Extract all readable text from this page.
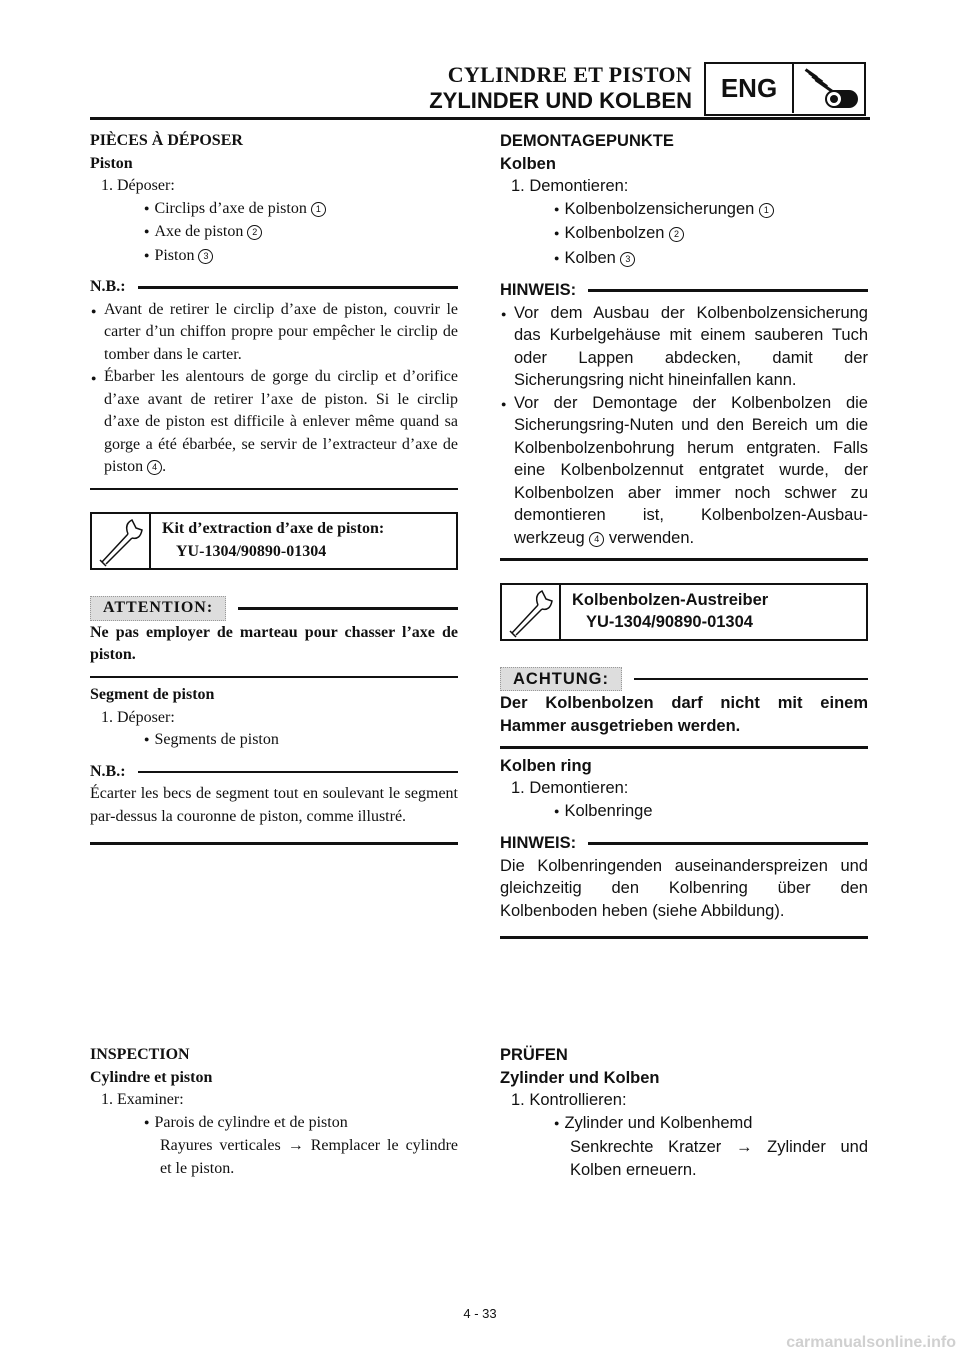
CYLINDRE ET PISTON
ZYLINDER UND KOLBEN	ENG
PIÈCES À DÉPOSER
Piston
1. Déposer:
● Circlips d’axe de piston 1
● Axe de piston 2
● Piston 3
N.B.:
● Avant de retirer le circlip d’axe de piston, couvrir le carter d’un chiffon propre pour empêcher le circlip de tomber dans le carter.
● Ébarber les alentours de gorge du circlip et d’orifice d’axe avant de retirer l’axe de piston. Si le circlip d’axe de piston est difficile à enlever même quand sa gorge a été ébarbée, se servir de l’extracteur d’axe de piston 4 .
Kit d’extraction d’axe de piston:
YU-1304/90890-01304
ATTENTION:
Ne pas employer de marteau pour chasser l’axe de piston.
Segment de piston
1. Déposer:
● Segments de piston
N.B.:
Écarter les becs de segment tout en soulevant le segment par-dessus la couronne de piston, comme illustré.
DEMONTAGEPUNKTE
Kolben
1. Demontieren:
● Kolbenbolzensicherungen 1
● Kolbenbolzen 2
● Kolben 3
HINWEIS:
● Vor dem Ausbau der Kolbenbolzensicherung das Kurbelgehäuse mit einem sauberen Tuch oder Lappen abdecken, damit der Sicherungsring nicht hineinfallen kann.
● Vor der Demontage der Kolbenbolzen die Sicherungsring-Nuten und den Bereich um die Kolbenbolzenbohrung herum entgraten. Falls eine Kolbenbolzennut entgratet wurde, der Kolbenbolzen aber immer noch schwer zu demontieren ist, Kolbenbolzen-Ausbau-werkzeug 4 verwenden.
Kolbenbolzen-Austreiber
YU-1304/90890-01304
ACHTUNG:
Der Kolbenbolzen darf nicht mit einem Hammer ausgetrieben werden.
Kolben ring
1. Demontieren:
● Kolbenringe
HINWEIS:
Die Kolbenringenden auseinanderspreizen und gleichzeitig den Kolbenring über den Kolbenboden heben (siehe Abbildung).
INSPECTION
Cylindre et piston
1. Examiner:
● Parois de cylindre et de piston
Rayures verticales → Remplacer le cylindre et le piston.
PRÜFEN
Zylinder und Kolben
1. Kontrollieren:
● Zylinder und Kolbenhemd
Senkrechte Kratzer → Zylinder und Kolben erneuern.
4 - 33
carmanualsonline.info
